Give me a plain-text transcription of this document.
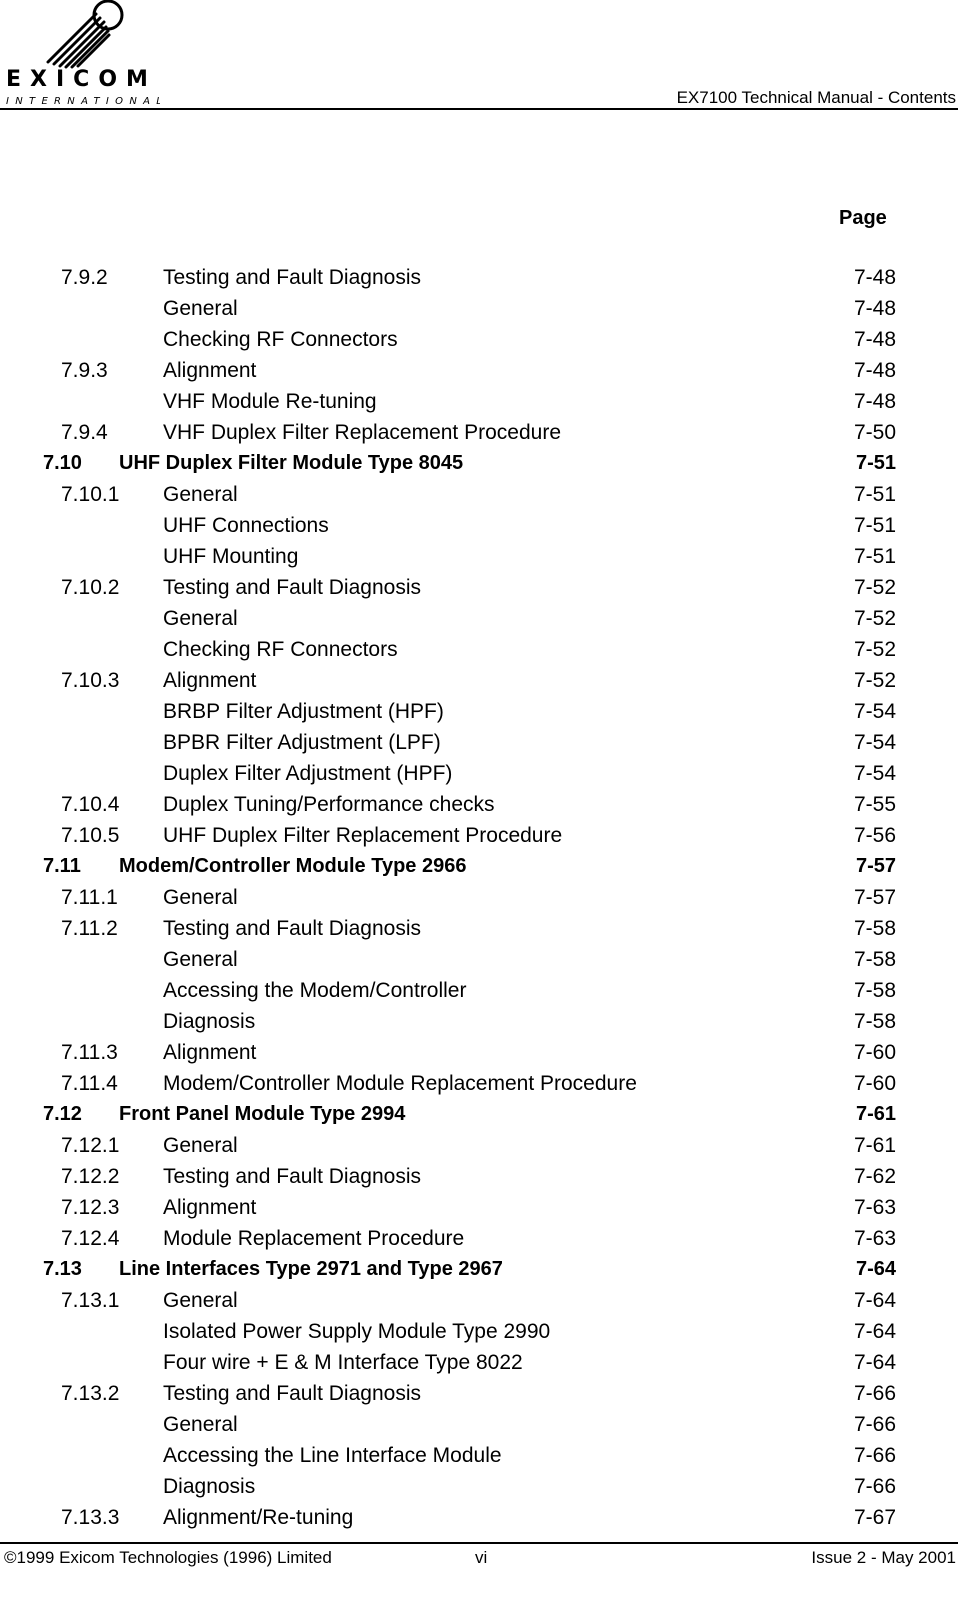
EXICOM
INTERNATIONAL	EX7100 Technical Manual - Contents
Page
7.9.2	Testing and Fault Diagnosis	7-48
General	7-48
Checking RF Connectors	7-48
7.9.3	Alignment	7-48
VHF Module Re-tuning	7-48
7.9.4	VHF Duplex Filter Replacement Procedure	7-50
7.10 UHF Duplex Filter Module Type 8045	7-51
7.10.1 General	7-51
UHF Connections	7-51
UHF Mounting	7-51
7.10.2 Testing and Fault Diagnosis	7-52
General	7-52
Checking RF Connectors	7-52
7.10.3 Alignment	7-52
BRBP Filter Adjustment (HPF)	7-54
BPBR Filter Adjustment (LPF)	7-54
Duplex Filter Adjustment (HPF)	7-54
7.10.4 Duplex Tuning/Performance checks	7-55
7.10.5 UHF Duplex Filter Replacement Procedure	7-56
7.11 Modem/Controller Module Type 2966	7-57
7.11.1 General	7-57
7.11.2 Testing and Fault Diagnosis	7-58
General	7-58
Accessing the Modem/Controller	7-58
Diagnosis	7-58
7.11.3 Alignment	7-60
7.11.4 Modem/Controller Module Replacement Procedure	7-60
7.12 Front Panel Module Type 2994	7-61
7.12.1 General	7-61
7.12.2 Testing and Fault Diagnosis	7-62
7.12.3 Alignment	7-63
7.12.4 Module Replacement Procedure	7-63
7.13 Line Interfaces Type 2971 and Type 2967	7-64
7.13.1 General	7-64
Isolated Power Supply Module Type 2990	7-64
Four wire + E & M Interface Type 8022	7-64
7.13.2 Testing and Fault Diagnosis	7-66
General	7-66
Accessing the Line Interface Module	7-66
Diagnosis	7-66
7.13.3 Alignment/Re-tuning	7-67
©1999 Exicom Technologies (1996) Limited	vi	Issue 2 - May 2001
